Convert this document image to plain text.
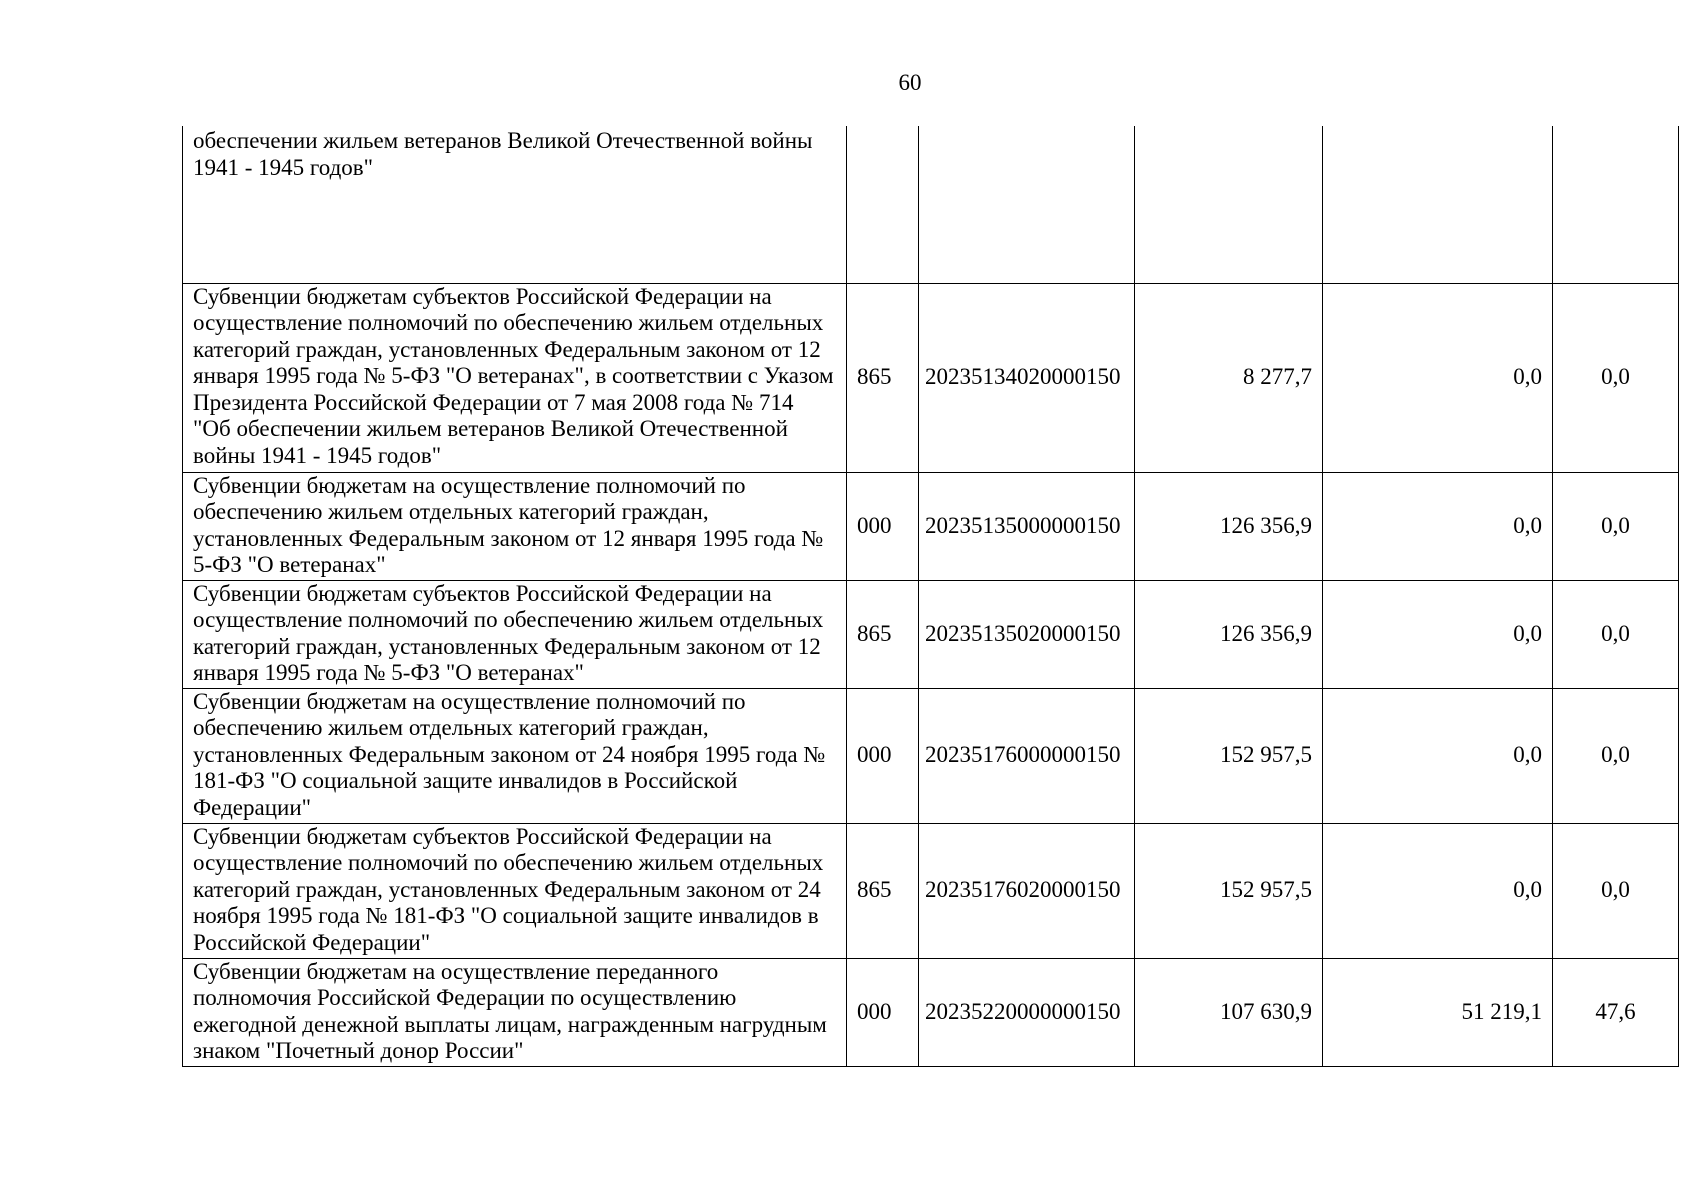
60
обеспечении жильем ветеранов Великой Отечественной войны 1941 - 1945 годов"					
Субвенции бюджетам субъектов Российской Федерации на осуществление полномочий по обеспечению жильем отдельных категорий граждан, установленных Федеральным законом от 12 января 1995 года № 5-ФЗ "О ветеранах", в соответствии с Указом Президента Российской Федерации от 7 мая 2008 года № 714 "Об обеспечении жильем ветеранов Великой Отечественной войны 1941 - 1945 годов"	865	20235134020000150	8 277,7	0,0	0,0
Субвенции бюджетам на осуществление полномочий по обеспечению жильем отдельных категорий граждан, установленных Федеральным законом от 12 января 1995 года № 5-ФЗ "О ветеранах"	000	20235135000000150	126 356,9	0,0	0,0
Субвенции бюджетам субъектов Российской Федерации на осуществление полномочий по обеспечению жильем отдельных категорий граждан, установленных Федеральным законом от 12 января 1995 года № 5-ФЗ "О ветеранах"	865	20235135020000150	126 356,9	0,0	0,0
Субвенции бюджетам на осуществление полномочий по обеспечению жильем отдельных категорий граждан, установленных Федеральным законом от 24 ноября 1995 года № 181-ФЗ "О социальной защите инвалидов в Российской Федерации"	000	20235176000000150	152 957,5	0,0	0,0
Субвенции бюджетам субъектов Российской Федерации на осуществление полномочий по обеспечению жильем отдельных категорий граждан, установленных Федеральным законом от 24 ноября 1995 года № 181-ФЗ "О социальной защите инвалидов в Российской Федерации"	865	20235176020000150	152 957,5	0,0	0,0
Субвенции бюджетам на осуществление переданного полномочия Российской Федерации по осуществлению ежегодной денежной выплаты лицам, награжденным нагрудным знаком "Почетный донор России"	000	20235220000000150	107 630,9	51 219,1	47,6
